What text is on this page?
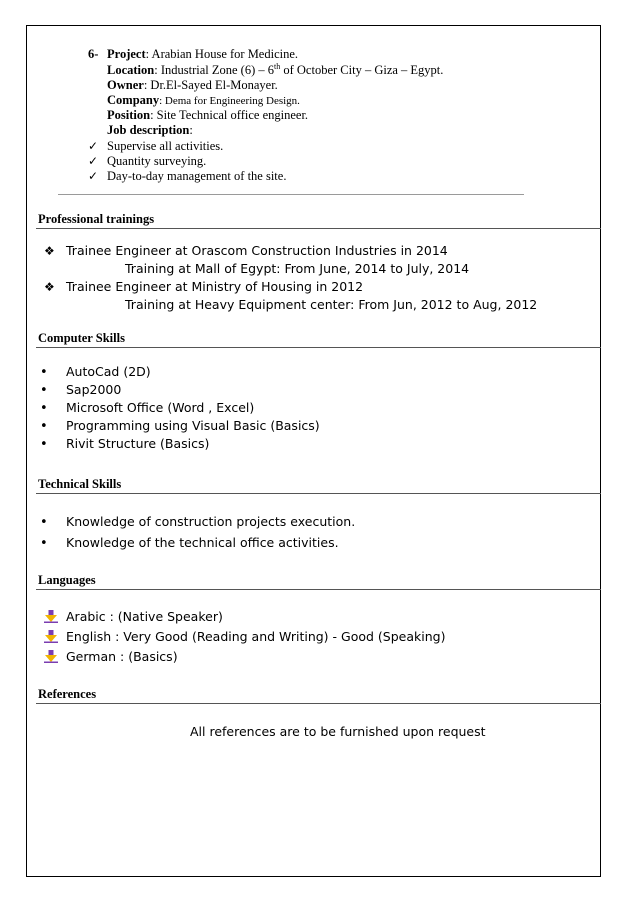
6- Project: Arabian House for Medicine.
Location: Industrial Zone (6) – 6th of October City – Giza – Egypt.
Owner: Dr.El-Sayed El-Monayer.
Company: Dema for Engineering Design.
Position: Site Technical office engineer.
Job description:
✓ Supervise all activities.
✓ Quantity surveying.
✓ Day-to-day management of the site.
Professional trainings
❖ Trainee Engineer at Orascom Construction Industries in 2014
Training at Mall of Egypt: From June, 2014 to July, 2014
❖ Trainee Engineer at Ministry of Housing in 2012
Training at Heavy Equipment center: From Jun, 2012 to Aug, 2012
Computer Skills
• AutoCad (2D)
• Sap2000
• Microsoft Office (Word , Excel)
• Programming using Visual Basic (Basics)
• Rivit Structure (Basics)
Technical Skills
• Knowledge of construction projects execution.
• Knowledge of the technical office activities.
Languages
Arabic : (Native Speaker)
English : Very Good (Reading and Writing) - Good (Speaking)
German : (Basics)
References
All references are to be furnished upon request
